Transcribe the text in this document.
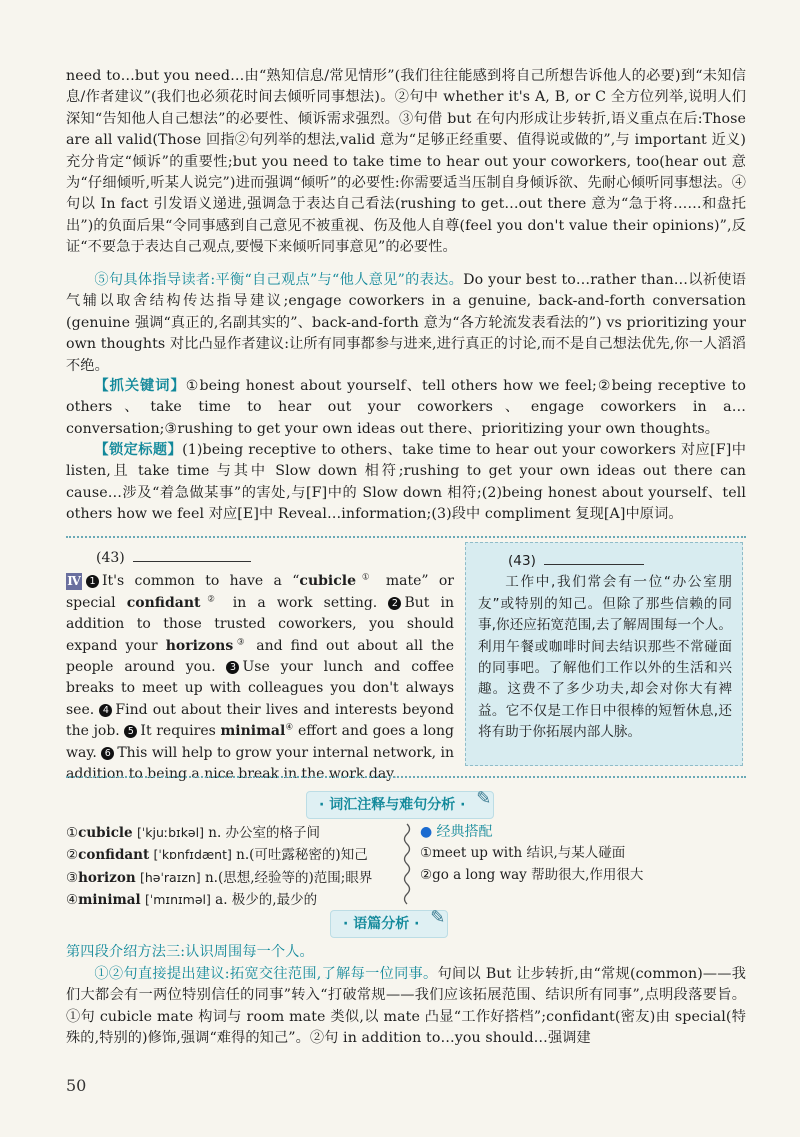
need to…but you need…由“熟知信息/常见情形”(我们往往能感到将自己所想告诉他人的必要)到“未知信息/作者建议”(我们也必须花时间去倾听同事想法)。②句中 whether it's A, B, or C 全方位列举,说明人们深知“告知他人自己想法”的必要性、倾诉需求强烈。③句借 but 在句内形成让步转折,语义重点在后:Those are all valid(Those 回指②句列举的想法,valid 意为“足够正经重要、值得说或做的”,与 important 近义)充分肯定“倾诉”的重要性;but you need to take time to hear out your coworkers, too(hear out 意为“仔细倾听,听某人说完”)进而强调“倾听”的必要性:你需要适当压制自身倾诉欲、先耐心倾听同事想法。④句以 In fact 引发语义递进,强调急于表达自己看法(rushing to get…out there 意为“急于将……和盘托出”)的负面后果“令同事感到自己意见不被重视、伤及他人自尊(feel you don't value their opinions)”,反证“不要急于表达自己观点,要慢下来倾听同事意见”的必要性。

⑤句具体指导读者:平衡“自己观点”与“他人意见”的表达。Do your best to…rather than…以祈使语气辅以取舍结构传达指导建议;engage coworkers in a genuine, back-and-forth conversation (genuine 强调“真正的,名副其实的”、back-and-forth 意为“各方轮流发表看法的”) vs prioritizing your own thoughts 对比凸显作者建议:让所有同事都参与进来,进行真正的讨论,而不是自己想法优先,你一人滔滔不绝。

【抓关键词】①being honest about yourself、tell others how we feel;②being receptive to others、take time to hear out your coworkers、engage coworkers in a…conversation;③rushing to get your own ideas out there、prioritizing your own thoughts。

【锁定标题】(1)being receptive to others、take time to hear out your coworkers 对应[F]中 listen,且 take time 与其中 Slow down 相符;rushing to get your own ideas out there can cause…涉及“着急做某事”的害处,与[F]中的 Slow down 相符;(2)being honest about yourself、tell others how we feel 对应[E]中 Reveal…information;(3)段中 compliment 复现[A]中原词。

(43)
Ⅳ 1 It's common to have a “cubicle① mate” or special confidant② in a work setting. 2 But in addition to those trusted coworkers, you should expand your horizons③ and find out about all the people around you. 3 Use your lunch and coffee breaks to meet up with colleagues you don't always see. 4 Find out about their lives and interests beyond the job. 5 It requires minimal④ effort and goes a long way. 6 This will help to grow your internal network, in addition to being a nice break in the work day.
(43)
工作中,我们常会有一位“办公室朋友”或特别的知己。但除了那些信赖的同事,你还应拓宽范围,去了解周围每一个人。利用午餐或咖啡时间去结识那些不常碰面的同事吧。了解他们工作以外的生活和兴趣。这费不了多少功夫,却会对你大有裨益。它不仅是工作日中很棒的短暂休息,还将有助于你拓展内部人脉。
· 词汇注释与难句分析 · ✎
①cubicle [ˈkjuːbɪkəl] n. 办公室的格子间
②confidant [ˈkɒnfɪdænt] n.(可吐露秘密的)知己
③horizon [həˈraɪzn] n.(思想,经验等的)范围;眼界
④minimal [ˈmɪnɪməl] a. 极少的,最少的
● 经典搭配
①meet up with 结识,与某人碰面
②go a long way 帮助很大,作用很大
· 语篇分析 · ✎

第四段介绍方法三:认识周围每一个人。

①②句直接提出建议:拓宽交往范围,了解每一位同事。句间以 But 让步转折,由“常规(common)——我们大都会有一两位特别信任的同事”转入“打破常规——我们应该拓展范围、结识所有同事”,点明段落要旨。①句 cubicle mate 构词与 room mate 类似,以 mate 凸显“工作好搭档”;confidant(密友)由 special(特殊的,特别的)修饰,强调“难得的知己”。②句 in addition to…you should…强调建

50
